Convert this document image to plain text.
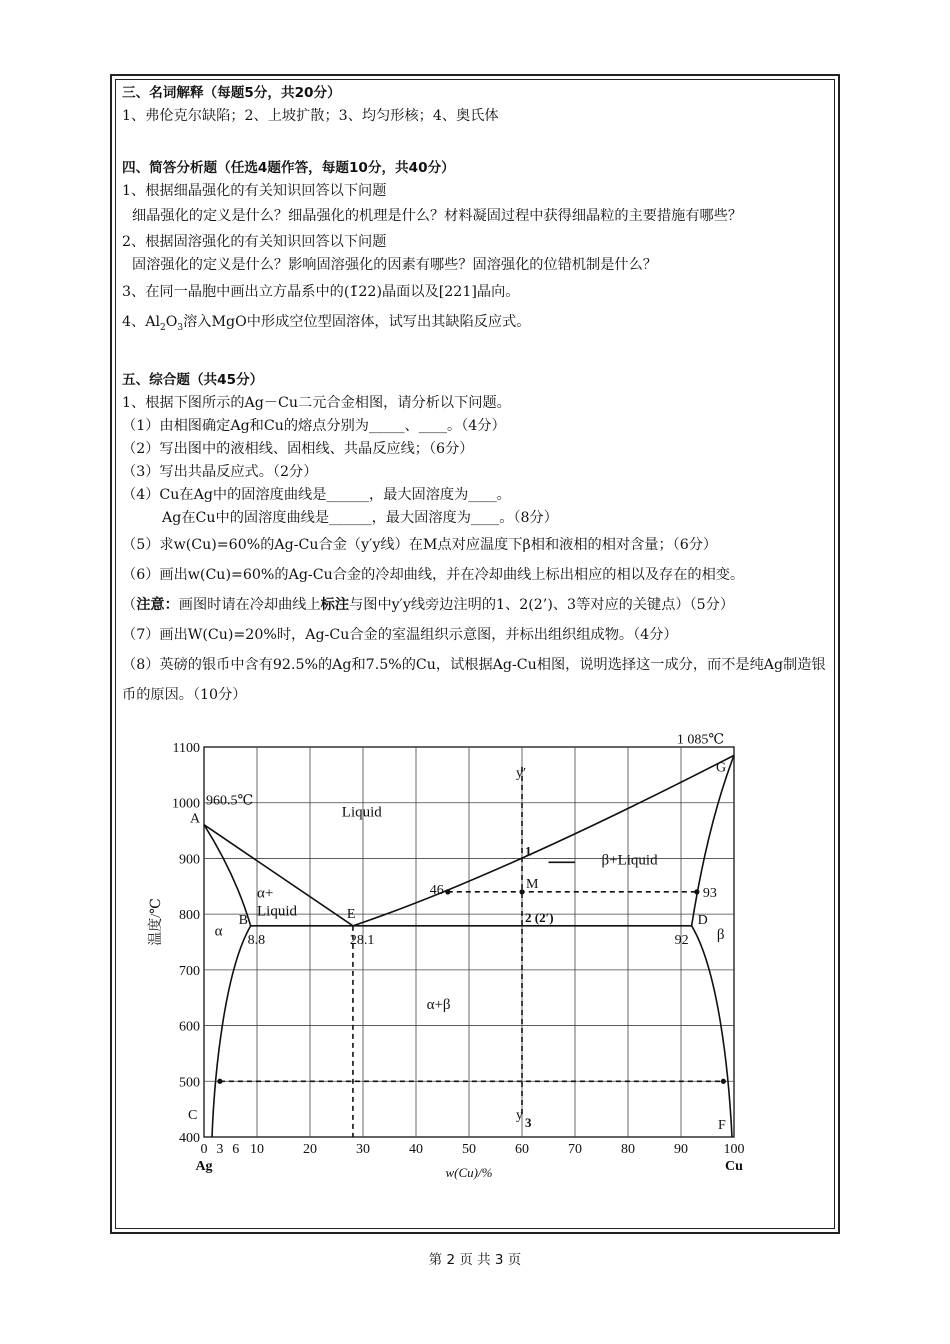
三、名词解释（每题5分，共20分）
1、弗伦克尔缺陷；2、上坡扩散；3、均匀形核；4、奥氏体
四、简答分析题（任选4题作答，每题10分，共40分）
1、根据细晶强化的有关知识回答以下问题
细晶强化的定义是什么？细晶强化的机理是什么？材料凝固过程中获得细晶粒的主要措施有哪些？
2、根据固溶强化的有关知识回答以下问题
固溶强化的定义是什么？影响固溶强化的因素有哪些？固溶强化的位错机制是什么？
3、在同一晶胞中画出立方晶系中的(1̄22)晶面以及[221]晶向。
4、$Al_2O_3$溶入MgO中形成空位型固溶体，试写出其缺陷反应式。
五、综合题（共45分）
1、根据下图所示的Ag－Cu二元合金相图，请分析以下问题。
（1）由相图确定Ag和Cu的熔点分别为_____、____。（4分）
（2）写出图中的液相线、固相线、共晶反应线；（6分）
（3）写出共晶反应式。（2分）
（4）Cu在Ag中的固溶度曲线是______，最大固溶度为____。
Ag在Cu中的固溶度曲线是______，最大固溶度为____。（8分）
（5）求w(Cu)=60%的Ag-Cu合金（y′y线）在M点对应温度下β相和液相的相对含量；（6分）
（6）画出w(Cu)=60%的Ag-Cu合金的冷却曲线，并在冷却曲线上标出相应的相以及存在的相变。
（注意：画图时请在冷却曲线上标注与图中y′y线旁边注明的1、2(2’)、3等对应的关键点）（5分）
（7）画出W(Cu)=20%时，Ag-Cu合金的室温组织示意图，并标出组织组成物。（4分）
（8）英磅的银币中含有92.5%的Ag和7.5%的Cu，试根据Ag-Cu相图，说明选择这一成分，而不是纯Ag制造银币的原因。（10分）
0 3 6 10	20	30	40	50	60	70	80	90	100
400
500
600
700
800
900
1000
1100
Ag	Cu
w(Cu)/%
温度/℃
A
B	E	D
G
C
F
M
960.5℃
1 085℃
8.8	28.1
46
92
93
1
2 (2′)
3
y′
y
Liquid
α+
Liquid
β+Liquid
α	β
α+β
第 2 页 共 3 页
